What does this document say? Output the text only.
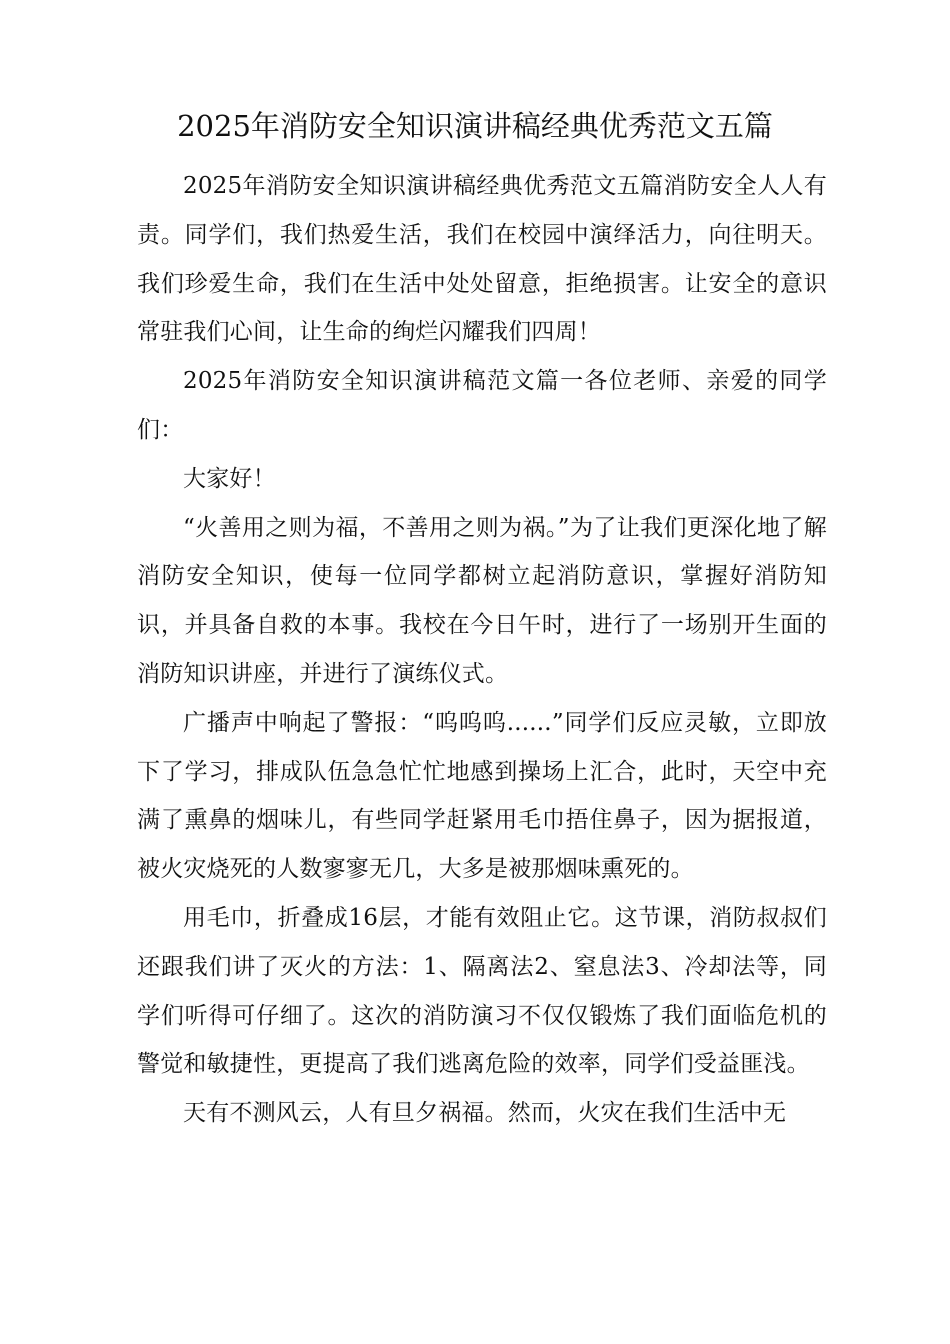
2025年消防安全知识演讲稿经典优秀范文五篇

2025年消防安全知识演讲稿经典优秀范文五篇消防安全人人有责。同学们，我们热爱生活，我们在校园中演绎活力，向往明天。我们珍爱生命，我们在生活中处处留意，拒绝损害。让安全的意识常驻我们心间，让生命的绚烂闪耀我们四周！

2025年消防安全知识演讲稿范文篇一各位老师、亲爱的同学们：

大家好！

“火善用之则为福，不善用之则为祸。”为了让我们更深化地了解消防安全知识，使每一位同学都树立起消防意识，掌握好消防知识，并具备自救的本事。我校在今日午时，进行了一场别开生面的消防知识讲座，并进行了演练仪式。

广播声中响起了警报：“呜呜呜......”同学们反应灵敏，立即放下了学习，排成队伍急急忙忙地感到操场上汇合，此时，天空中充满了熏鼻的烟味儿，有些同学赶紧用毛巾捂住鼻子，因为据报道，被火灾烧死的人数寥寥无几，大多是被那烟味熏死的。

用毛巾，折叠成16层，才能有效阻止它。这节课，消防叔叔们还跟我们讲了灭火的方法：1、隔离法2、窒息法3、冷却法等，同学们听得可仔细了。这次的消防演习不仅仅锻炼了我们面临危机的警觉和敏捷性，更提高了我们逃离危险的效率，同学们受益匪浅。

天有不测风云，人有旦夕祸福。然而，火灾在我们生活中无
